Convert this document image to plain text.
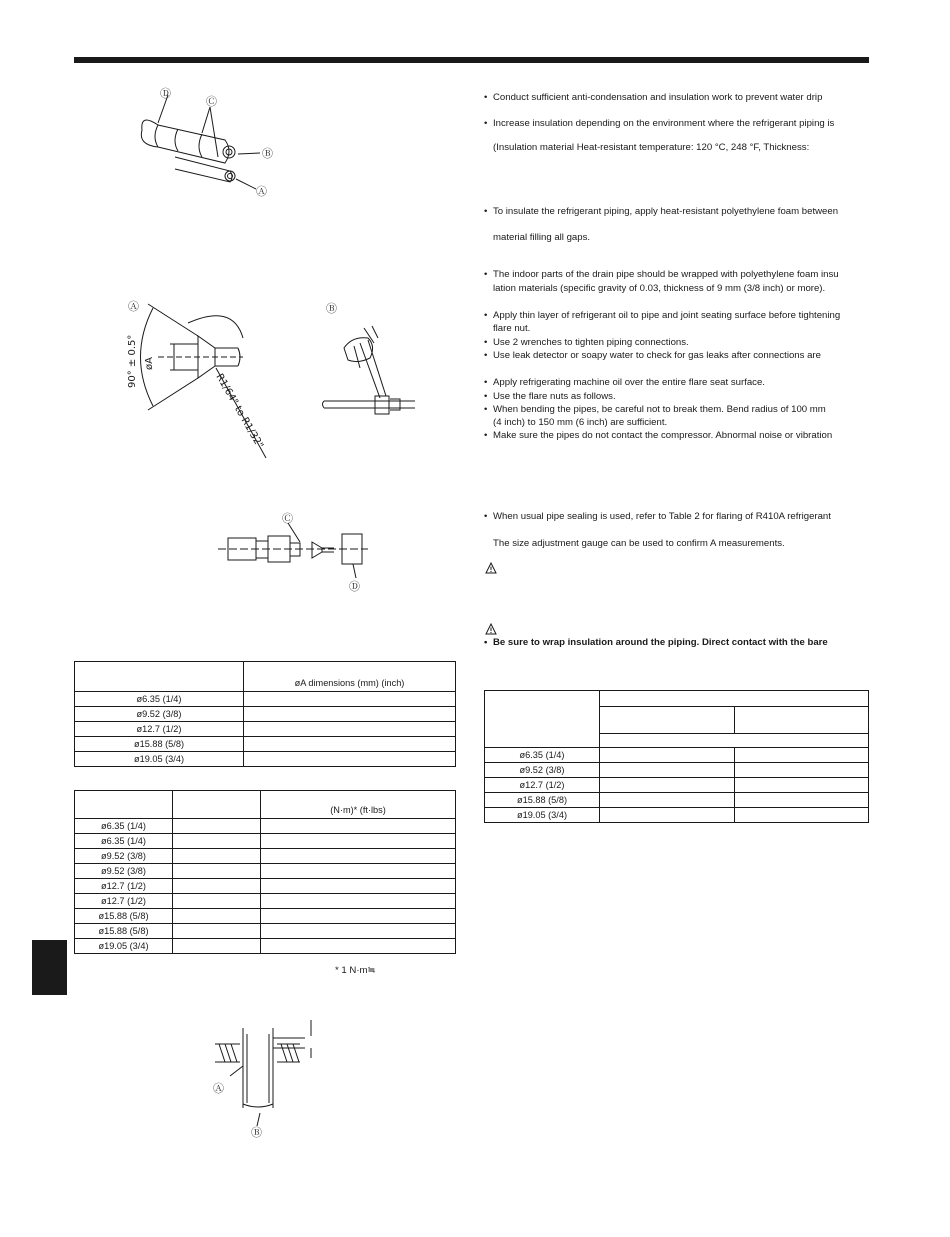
Ⓓ
Ⓒ
Ⓑ
Ⓐ
Ⓐ
90° ± 0.5° øA
R1/64" to R1/32"
Ⓑ
Ⓒ
Ⓓ
Ⓐ
Ⓑ
	øA dimensions (mm) (inch)
ø6.35 (1/4)	
ø9.52 (3/8)	
ø12.7 (1/2)	
ø15.88 (5/8)	
ø19.05 (3/4)	
		(N·m)* (ft·lbs)
ø6.35 (1/4)		
ø6.35 (1/4)		
ø9.52 (3/8)		
ø9.52 (3/8)		
ø12.7 (1/2)		
ø12.7 (1/2)		
ø15.88 (5/8)		
ø15.88 (5/8)		
ø19.05 (3/4)		
* 1 N·m≒

ø6.35 (1/4)		
ø9.52 (3/8)		
ø12.7 (1/2)		
ø15.88 (5/8)		
ø19.05 (3/4)		
• Conduct sufficient anti-condensation and insulation work to prevent water drip
• Increase insulation depending on the environment where the refrigerant piping is
(Insulation material Heat-resistant temperature: 120 °C, 248 °F, Thickness:
• To insulate the refrigerant piping, apply heat-resistant polyethylene foam between
material filling all gaps.
• The indoor parts of the drain pipe should be wrapped with polyethylene foam insu
lation materials (specific gravity of 0.03, thickness of 9 mm (3/8 inch) or more).
• Apply thin layer of refrigerant oil to pipe and joint seating surface before tightening
flare nut.
• Use 2 wrenches to tighten piping connections.
• Use leak detector or soapy water to check for gas leaks after connections are
• Apply refrigerating machine oil over the entire flare seat surface.
• Use the flare nuts as follows.
• When bending the pipes, be careful not to break them. Bend radius of 100 mm
(4 inch) to 150 mm (6 inch) are sufficient.
• Make sure the pipes do not contact the compressor. Abnormal noise or vibration
• When usual pipe sealing is used, refer to Table 2 for flaring of R410A refrigerant
The size adjustment gauge can be used to confirm A measurements.
• Be sure to wrap insulation around the piping. Direct contact with the bare
